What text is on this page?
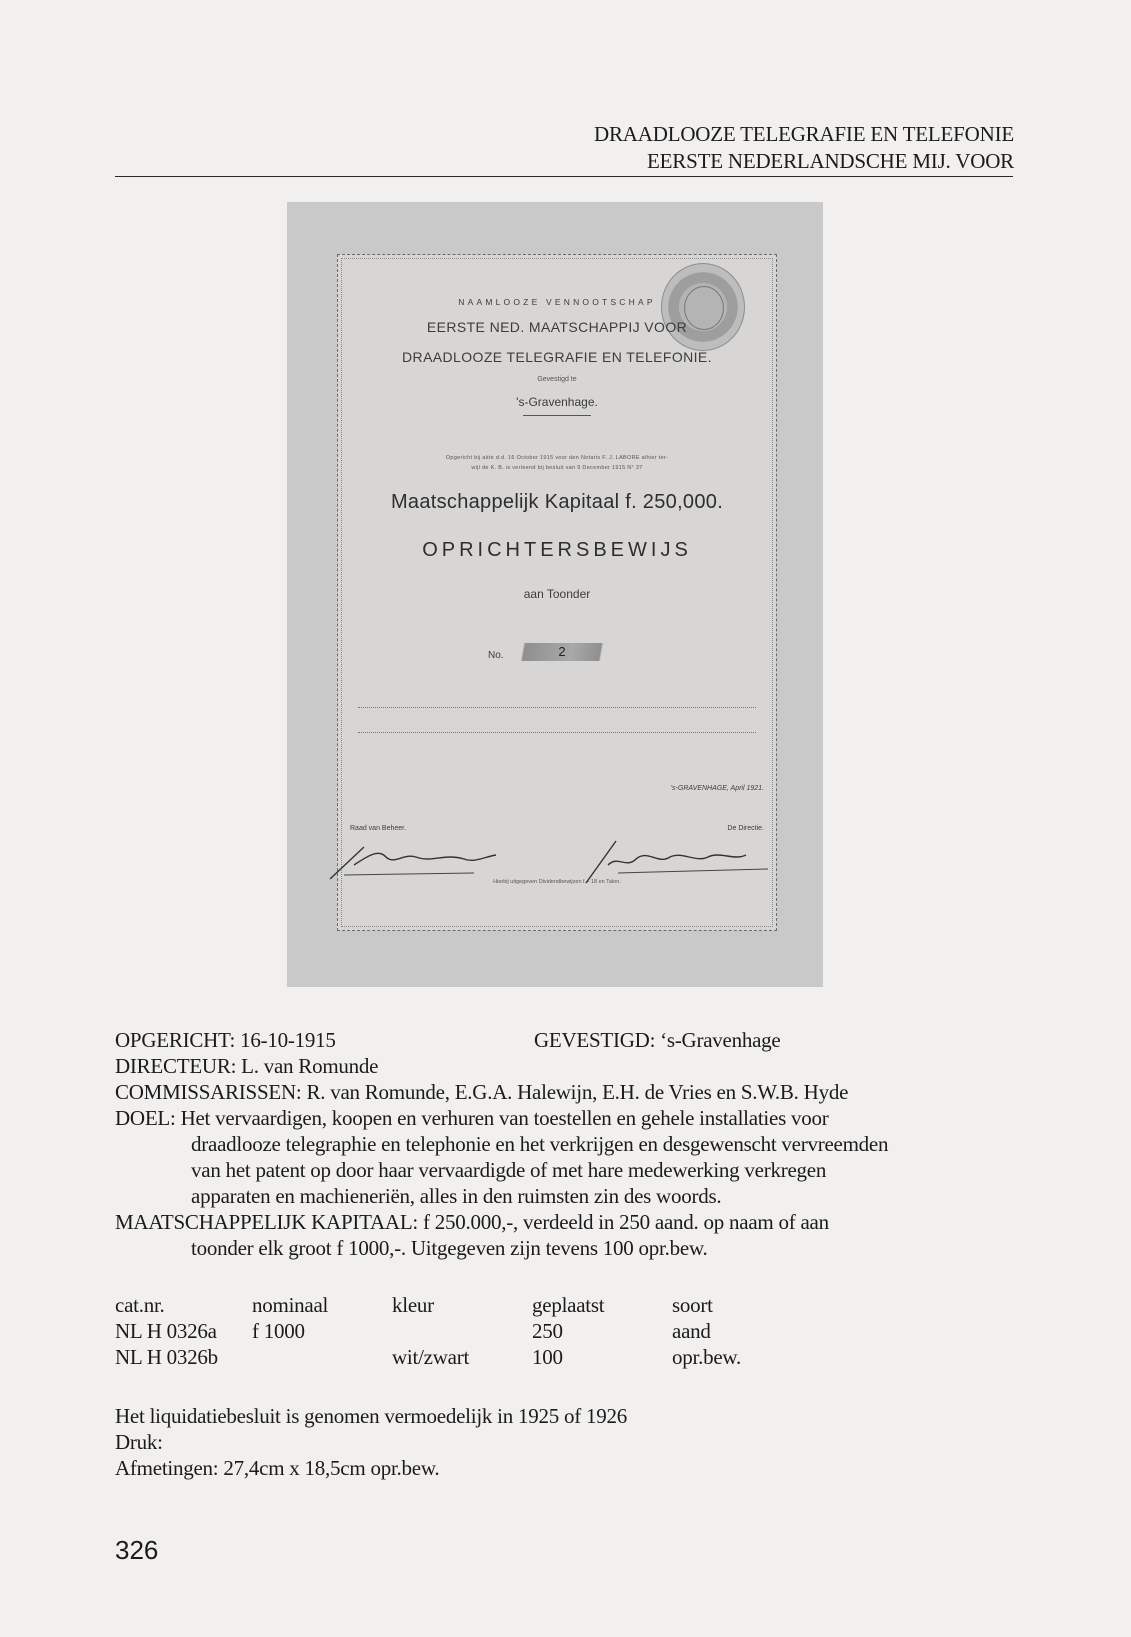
DRAADLOOZE TELEGRAFIE EN TELEFONIE
EERSTE NEDERLANDSCHE MIJ. VOOR
NAAMLOOZE VENNOOTSCHAP
EERSTE NED. MAATSCHAPPIJ VOOR
DRAADLOOZE TELEGRAFIE EN TELEFONIE.
Gevestigd te
's-Gravenhage.
Opgericht bij akte d.d. 16 October 1915 voor den Notaris F. J. LABORE alhier ter-
wijl de K. B. is verleend bij besluit van 9 December 1915 N° 37
Maatschappelijk Kapitaal f. 250,000.
OPRICHTERSBEWIJS
aan Toonder
No.	2
's-GRAVENHAGE, April 1921.
Raad van Beheer.	De Directie.
Hierbij uitgegeven Dividendbewijzen f. - 18 en Talon.
OPGERICHT: 16-10-1915	GEVESTIGD: ‘s-Gravenhage
DIRECTEUR: L. van Romunde
COMMISSARISSEN: R. van Romunde, E.G.A. Halewijn, E.H. de Vries en S.W.B. Hyde
DOEL: Het vervaardigen, koopen en verhuren van toestellen en gehele installaties voor
draadlooze telegraphie en telephonie en het verkrijgen en desgewenscht vervreemden
van het patent op door haar vervaardigde of met hare medewerking verkregen
apparaten en machieneriën, alles in den ruimsten zin des woords.
MAATSCHAPPELIJK KAPITAAL: f 250.000,-, verdeeld in 250 aand. op naam of aan
toonder elk groot f 1000,-. Uitgegeven zijn tevens 100 opr.bew.
cat.nr.	nominaal	kleur	geplaatst	soort
NL H 0326a	f 1000		250	aand
NL H 0326b		wit/zwart	100	opr.bew.
Het liquidatiebesluit is genomen vermoedelijk in 1925 of 1926
Druk:
Afmetingen: 27,4cm x 18,5cm opr.bew.
326
